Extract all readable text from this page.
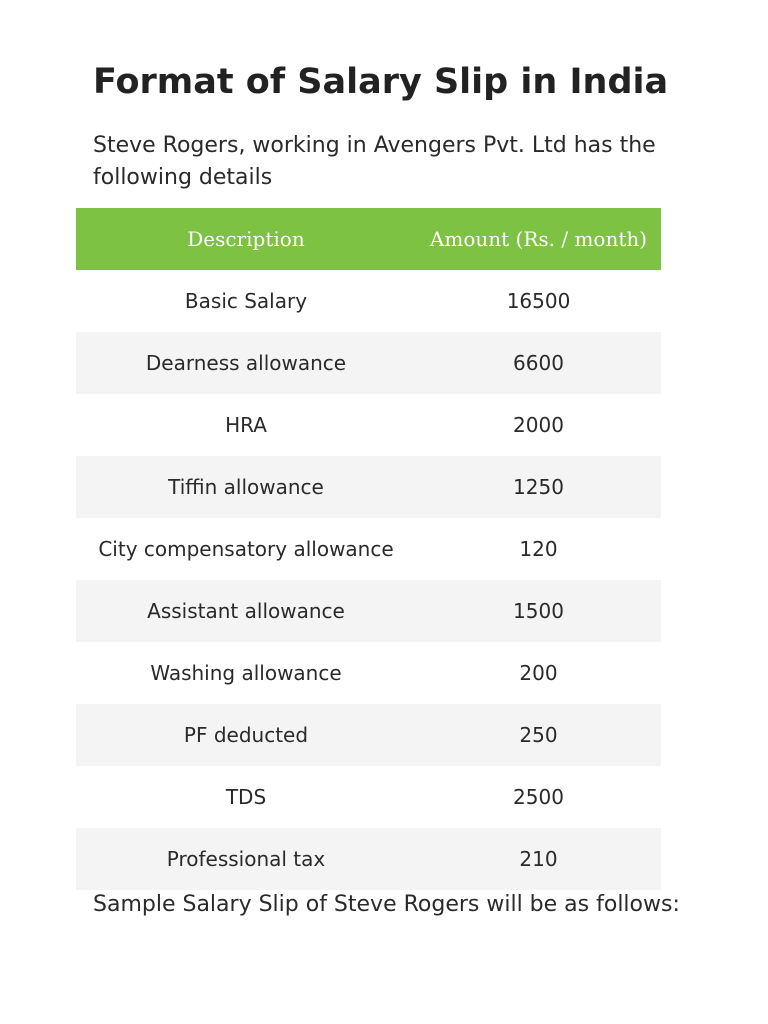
Format of Salary Slip in India

Steve Rogers, working in Avengers Pvt. Ltd has the
following details

Description	Amount (Rs. / month)
Basic Salary	16500
Dearness allowance	6600
HRA	2000
Tiffin allowance	1250
City compensatory allowance	120
Assistant allowance	1500
Washing allowance	200
PF deducted	250
TDS	2500
Professional tax	210

Sample Salary Slip of Steve Rogers will be as follows:
